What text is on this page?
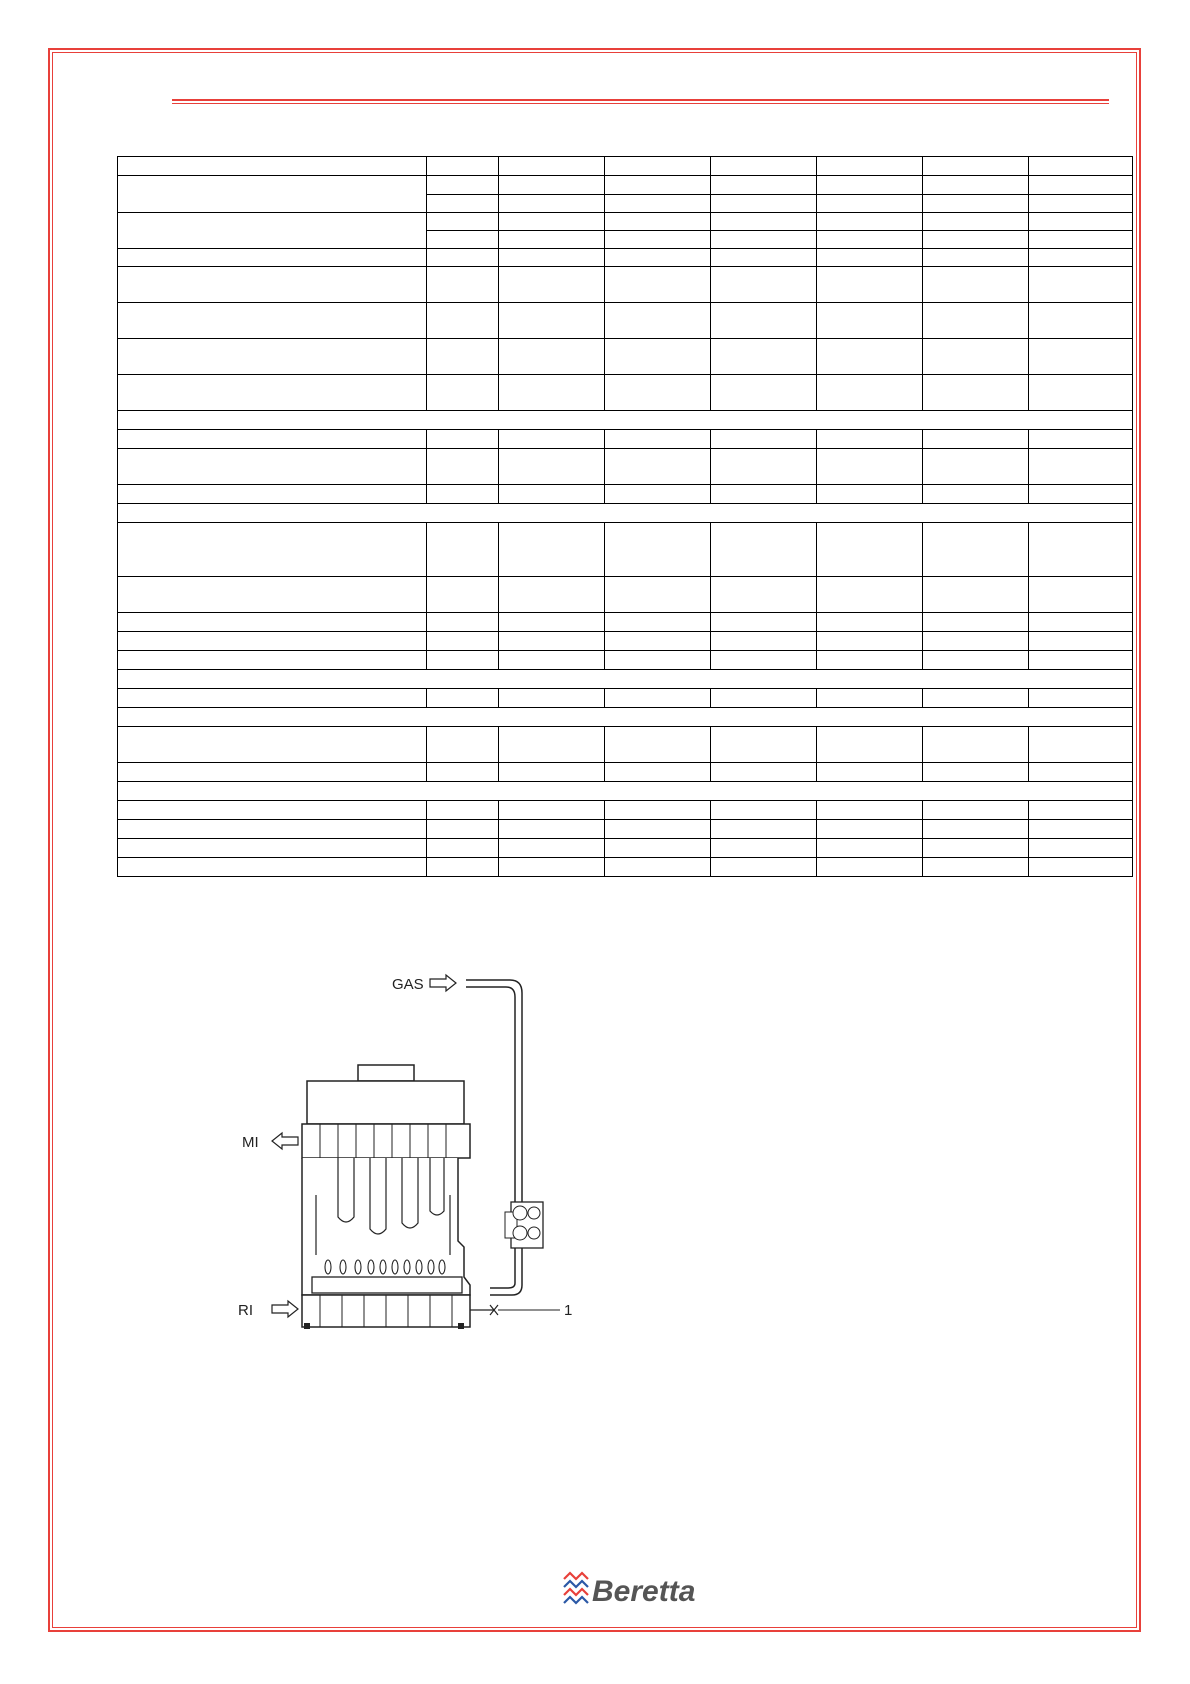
GAS
1
MI
RI
Beretta
